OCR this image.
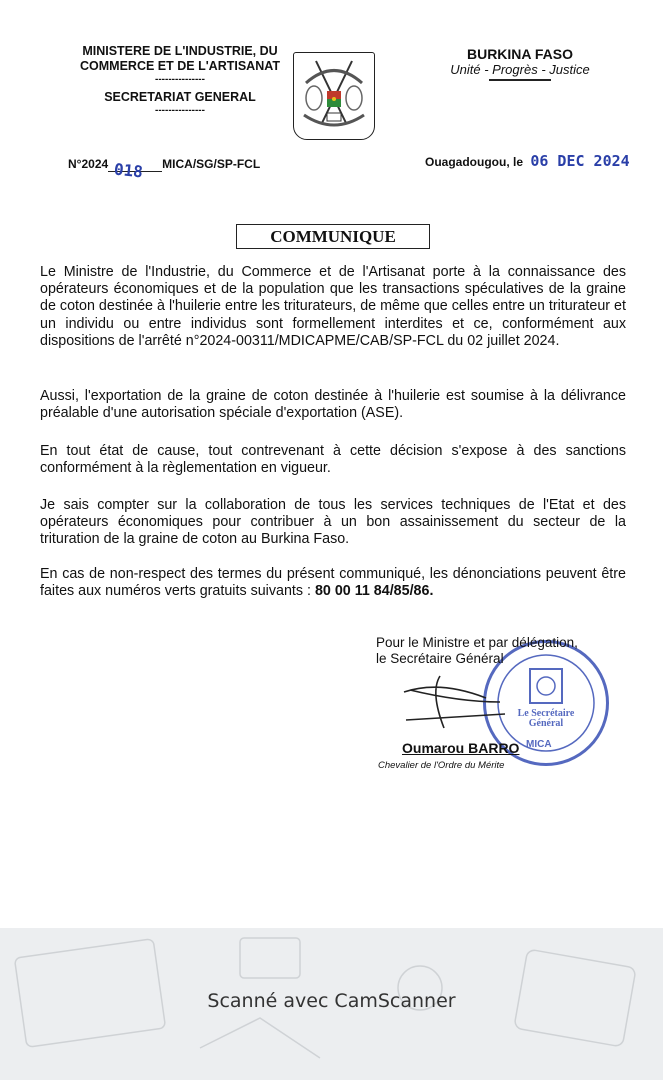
MINISTERE DE L'INDUSTRIE, DU
COMMERCE ET DE L'ARTISANAT
---------------
SECRETARIAT GENERAL
---------------
BURKINA FASO
Unité - Progrès - Justice
N°2024 018 MICA/SG/SP-FCL	Ouagadougou, le 06 DEC 2024
COMMUNIQUE
Le Ministre de l'Industrie, du Commerce et de l'Artisanat porte à la connaissance des opérateurs économiques et de la population que les transactions spéculatives de la graine de coton destinée à l'huilerie entre les triturateurs, de même que celles entre un triturateur et un individu ou entre individus sont formellement interdites et ce, conformément aux dispositions de l'arrêté n°2024-00311/MDICAPME/CAB/SP-FCL du 02 juillet 2024.
Aussi, l'exportation de la graine de coton destinée à l'huilerie est soumise à la délivrance préalable d'une autorisation spéciale d'exportation (ASE).
En tout état de cause, tout contrevenant à cette décision s'expose à des sanctions conformément à la règlementation en vigueur.
Je sais compter sur la collaboration de tous les services techniques de l'Etat et des opérateurs économiques pour contribuer à un bon assainissement du secteur de la trituration de la graine de coton au Burkina Faso.
En cas de non-respect des termes du présent communiqué, les dénonciations peuvent être faites aux numéros verts gratuits suivants : 80 00 11 84/85/86.
Le Secrétaire Général
MICA
Pour le Ministre et par délégation,
le Secrétaire Général
Oumarou BARRO
Chevalier de l'Ordre du Mérite
Scanné avec CamScanner
